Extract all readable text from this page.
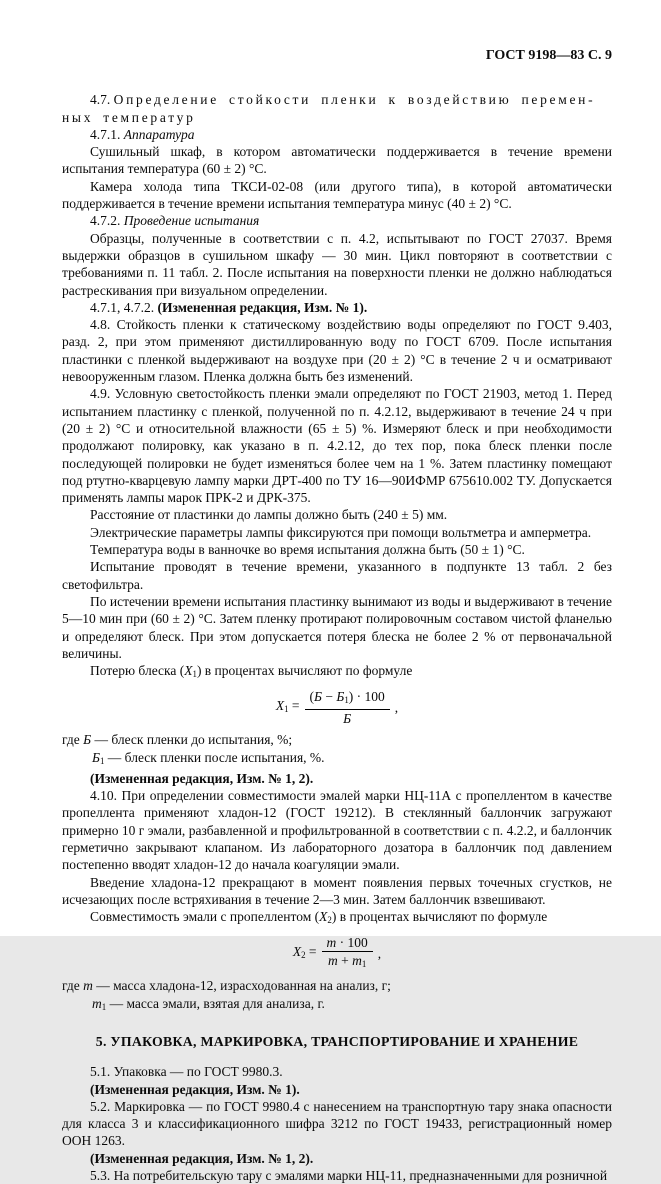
ГОСТ 9198—83 С. 9

4.7. Определение стойкости пленки к воздействию перемен-
ных температур

4.7.1. Аппаратура

Сушильный шкаф, в котором автоматически поддерживается в течение времени испытания температура (60 ± 2) °С.

Камера холода типа ТКСИ-02-08 (или другого типа), в которой автоматически поддерживается в течение времени испытания температура минус (40 ± 2) °С.

4.7.2. Проведение испытания

Образцы, полученные в соответствии с п. 4.2, испытывают по ГОСТ 27037. Время выдержки образцов в сушильном шкафу — 30 мин. Цикл повторяют в соответствии с требованиями п. 11 табл. 2. После испытания на поверхности пленки не должно наблюдаться растрескивания при визуальном определении.

4.7.1, 4.7.2. (Измененная редакция, Изм. № 1).

4.8. Стойкость пленки к статическому воздействию воды определяют по ГОСТ 9.403, разд. 2, при этом применяют дистиллированную воду по ГОСТ 6709. После испытания пластинки с пленкой выдерживают на воздухе при (20 ± 2) °С в течение 2 ч и осматривают невооруженным глазом. Пленка должна быть без изменений.

4.9. Условную светостойкость пленки эмали определяют по ГОСТ 21903, метод 1. Перед испытанием пластинку с пленкой, полученной по п. 4.2.12, выдерживают в течение 24 ч при (20 ± 2) °С и относительной влажности (65 ± 5) %. Измеряют блеск и при необходимости продолжают полировку, как указано в п. 4.2.12, до тех пор, пока блеск пленки после последующей полировки не будет изменяться более чем на 1 %. Затем пластинку помещают под ртутно-кварцевую лампу марки ДРТ-400 по ТУ 16—90ИФМР 675610.002 ТУ. Допускается применять лампы марок ПРК-2 и ДРК-375.

Расстояние от пластинки до лампы должно быть (240 ± 5) мм.

Электрические параметры лампы фиксируются при помощи вольтметра и амперметра.

Температура воды в ванночке во время испытания должна быть (50 ± 1) °С.

Испытание проводят в течение времени, указанного в подпункте 13 табл. 2 без светофильтра.

По истечении времени испытания пластинку вынимают из воды и выдерживают в течение 5—10 мин при (60 ± 2) °С. Затем пленку протирают полировочным составом чистой фланелью и определяют блеск. При этом допускается потеря блеска не более 2 % от первоначальной величины.

Потерю блеска $(X_1)$ в процентах вычисляют по формуле

$X_1 = \frac{(Б - Б_1) \cdot 100}{Б}$ ,

где Б — блеск пленки до испытания, %;

$Б_1$ — блеск пленки после испытания, %.

(Измененная редакция, Изм. № 1, 2).

4.10. При определении совместимости эмалей марки НЦ-11А с пропеллентом в качестве пропеллента применяют хладон-12 (ГОСТ 19212). В стеклянный баллончик загружают примерно 10 г эмали, разбавленной и профильтрованной в соответствии с п. 4.2.2, и баллончик герметично закрывают клапаном. Из лабораторного дозатора в баллончик под давлением постепенно вводят хладон-12 до начала коагуляции эмали.

Введение хладона-12 прекращают в момент появления первых точечных сгустков, не исчезающих после встряхивания в течение 2—3 мин. Затем баллончик взвешивают.

Совместимость эмали с пропеллентом $(X_2)$ в процентах вычисляют по формуле

$X_2 = \frac{m \cdot 100}{m + m_1}$ ,

где m — масса хладона-12, израсходованная на анализ, г;

$m_1$ — масса эмали, взятая для анализа, г.

5. УПАКОВКА, МАРКИРОВКА, ТРАНСПОРТИРОВАНИЕ И ХРАНЕНИЕ

5.1. Упаковка — по ГОСТ 9980.3.

(Измененная редакция, Изм. № 1).

5.2. Маркировка — по ГОСТ 9980.4 с нанесением на транспортную тару знака опасности для класса 3 и классификационного шифра 3212 по ГОСТ 19433, регистрационный номер ООН 1263.

(Измененная редакция, Изм. № 1, 2).

5.3. На потребительскую тару с эмалями марки НЦ-11, предназначенными для розничной
